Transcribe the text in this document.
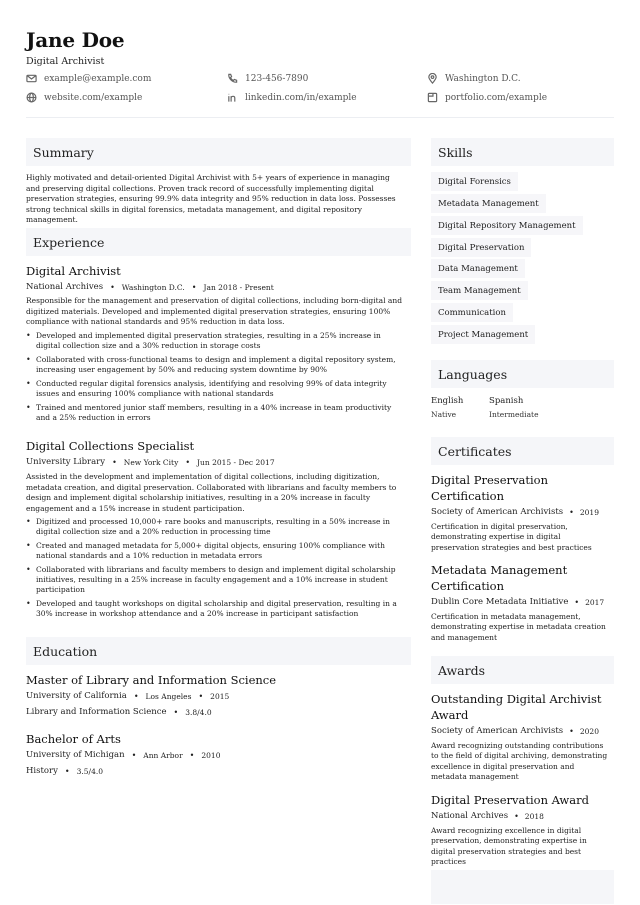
Jane Doe
Digital Archivist
example@example.com	123-456-7890	Washington D.C.
website.com/example	linkedin.com/in/example	portfolio.com/example
Summary
Highly motivated and detail-oriented Digital Archivist with 5+ years of experience in managing and preserving digital collections. Proven track record of successfully implementing digital preservation strategies, ensuring 99.9% data integrity and 95% reduction in data loss. Possesses strong technical skills in digital forensics, metadata management, and digital repository management.
Experience
Digital Archivist
National Archives • Washington D.C. • Jan 2018 - Present
Responsible for the management and preservation of digital collections, including born-digital and digitized materials. Developed and implemented digital preservation strategies, ensuring 100% compliance with national standards and 95% reduction in data loss.
• Developed and implemented digital preservation strategies, resulting in a 25% increase in digital collection size and a 30% reduction in storage costs
• Collaborated with cross-functional teams to design and implement a digital repository system, increasing user engagement by 50% and reducing system downtime by 90%
• Conducted regular digital forensics analysis, identifying and resolving 99% of data integrity issues and ensuring 100% compliance with national standards
• Trained and mentored junior staff members, resulting in a 40% increase in team productivity and a 25% reduction in errors
Digital Collections Specialist
University Library • New York City • Jun 2015 - Dec 2017
Assisted in the development and implementation of digital collections, including digitization, metadata creation, and digital preservation. Collaborated with librarians and faculty members to design and implement digital scholarship initiatives, resulting in a 20% increase in faculty engagement and a 15% increase in student participation.
• Digitized and processed 10,000+ rare books and manuscripts, resulting in a 50% increase in digital collection size and a 20% reduction in processing time
• Created and managed metadata for 5,000+ digital objects, ensuring 100% compliance with national standards and a 10% reduction in metadata errors
• Collaborated with librarians and faculty members to design and implement digital scholarship initiatives, resulting in a 25% increase in faculty engagement and a 10% increase in student participation
• Developed and taught workshops on digital scholarship and digital preservation, resulting in a 30% increase in workshop attendance and a 20% increase in participant satisfaction
Education
Master of Library and Information Science
University of California • Los Angeles • 2015
Library and Information Science • 3.8/4.0
Bachelor of Arts
University of Michigan • Ann Arbor • 2010
History • 3.5/4.0
Skills
Digital Forensics
Metadata Management
Digital Repository Management
Digital Preservation
Data Management
Team Management
Communication
Project Management
Languages
English
Native
Spanish
Intermediate
Certificates
Digital Preservation Certification
Society of American Archivists • 2019
Certification in digital preservation, demonstrating expertise in digital preservation strategies and best practices
Metadata Management Certification
Dublin Core Metadata Initiative • 2017
Certification in metadata management, demonstrating expertise in metadata creation and management
Awards
Outstanding Digital Archivist Award
Society of American Archivists • 2020
Award recognizing outstanding contributions to the field of digital archiving, demonstrating excellence in digital preservation and metadata management
Digital Preservation Award
National Archives • 2018
Award recognizing excellence in digital preservation, demonstrating expertise in digital preservation strategies and best practices
